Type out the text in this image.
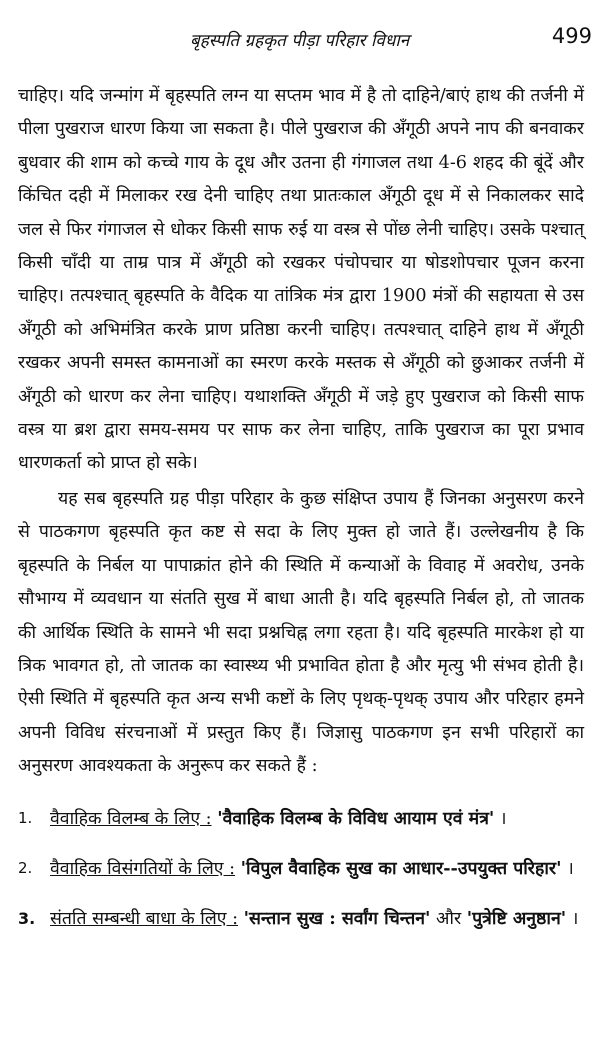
बृहस्पति ग्रहकृत पीड़ा परिहार विधान	499

चाहिए। यदि जन्मांग में बृहस्पति लग्न या सप्तम भाव में है तो दाहिने/बाएं हाथ की तर्जनी में पीला पुखराज धारण किया जा सकता है। पीले पुखराज की अँगूठी अपने नाप की बनवाकर बुधवार की शाम को कच्चे गाय के दूध और उतना ही गंगाजल तथा 4-6 शहद की बूंदें और किंचित दही में मिलाकर रख देनी चाहिए तथा प्रातःकाल अँगूठी दूध में से निकालकर सादे जल से फिर गंगाजल से धोकर किसी साफ रुई या वस्त्र से पोंछ लेनी चाहिए। उसके पश्चात् किसी चाँदी या ताम्र पात्र में अँगूठी को रखकर पंचोपचार या षोडशोपचार पूजन करना चाहिए। तत्पश्चात् बृहस्पति के वैदिक या तांत्रिक मंत्र द्वारा 1900 मंत्रों की सहायता से उस अँगूठी को अभिमंत्रित करके प्राण प्रतिष्ठा करनी चाहिए। तत्पश्चात् दाहिने हाथ में अँगूठी रखकर अपनी समस्त कामनाओं का स्मरण करके मस्तक से अँगूठी को छुआकर तर्जनी में अँगूठी को धारण कर लेना चाहिए। यथाशक्ति अँगूठी में जड़े हुए पुखराज को किसी साफ वस्त्र या ब्रश द्वारा समय-समय पर साफ कर लेना चाहिए, ताकि पुखराज का पूरा प्रभाव धारणकर्ता को प्राप्त हो सके।

यह सब बृहस्पति ग्रह पीड़ा परिहार के कुछ संक्षिप्त उपाय हैं जिनका अनुसरण करने से पाठकगण बृहस्पति कृत कष्ट से सदा के लिए मुक्त हो जाते हैं। उल्लेखनीय है कि बृहस्पति के निर्बल या पापाक्रांत होने की स्थिति में कन्याओं के विवाह में अवरोध, उनके सौभाग्य में व्यवधान या संतति सुख में बाधा आती है। यदि बृहस्पति निर्बल हो, तो जातक की आर्थिक स्थिति के सामने भी सदा प्रश्नचिह्न लगा रहता है। यदि बृहस्पति मारकेश हो या त्रिक भावगत हो, तो जातक का स्वास्थ्य भी प्रभावित होता है और मृत्यु भी संभव होती है। ऐसी स्थिति में बृहस्पति कृत अन्य सभी कष्टों के लिए पृथक्-पृथक् उपाय और परिहार हमने अपनी विविध संरचनाओं में प्रस्तुत किए हैं। जिज्ञासु पाठकगण इन सभी परिहारों का अनुसरण आवश्यकता के अनुरूप कर सकते हैं :

1.	वैवाहिक विलम्ब के लिए : 'वैवाहिक विलम्ब के विविध आयाम एवं मंत्र' ।
2.	वैवाहिक विसंगतियों के लिए : 'विपुल वैवाहिक सुख का आधार--उपयुक्त परिहार' ।
3. संतति सम्बन्धी बाधा के लिए : 'सन्तान सुख : सर्वांग चिन्तन' और 'पुत्रेष्टि अनुष्ठान' ।
